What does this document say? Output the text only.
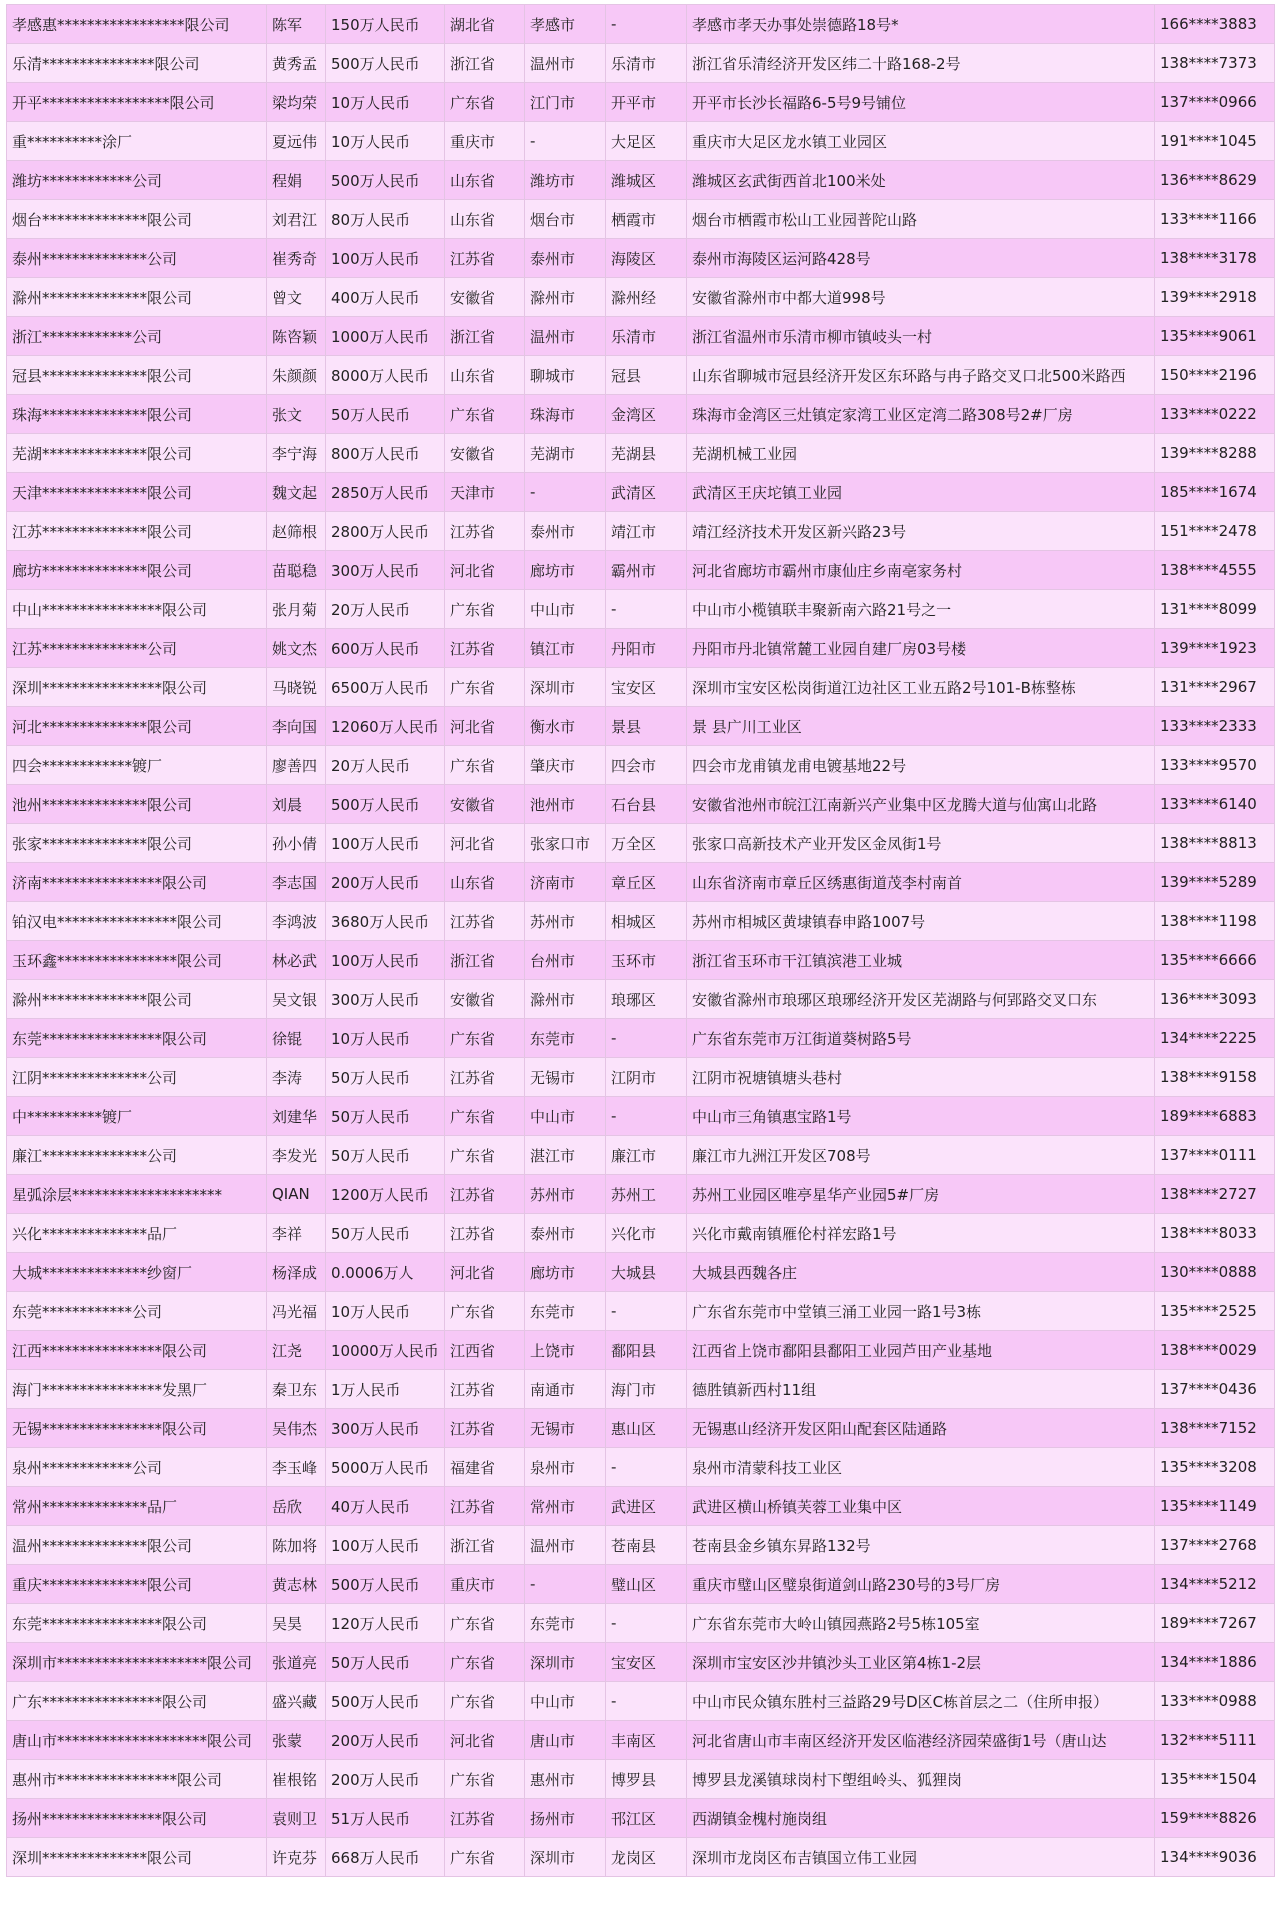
孝感惠*****************限公司	陈军	150万人民币	湖北省	孝感市	-	孝感市孝天办事处崇德路18号*	166****3883
乐清***************限公司	黄秀孟	500万人民币	浙江省	温州市	乐清市	浙江省乐清经济开发区纬二十路168-2号	138****7373
开平*****************限公司	梁均荣	10万人民币	广东省	江门市	开平市	开平市长沙长福路6-5号9号铺位	137****0966
重**********涂厂	夏远伟	10万人民币	重庆市	-	大足区	重庆市大足区龙水镇工业园区	191****1045
潍坊************公司	程娟	500万人民币	山东省	潍坊市	潍城区	潍城区玄武街西首北100米处	136****8629
烟台**************限公司	刘君江	80万人民币	山东省	烟台市	栖霞市	烟台市栖霞市松山工业园普陀山路	133****1166
泰州**************公司	崔秀奇	100万人民币	江苏省	泰州市	海陵区	泰州市海陵区运河路428号	138****3178
滁州**************限公司	曾文	400万人民币	安徽省	滁州市	滁州经	安徽省滁州市中都大道998号	139****2918
浙江************公司	陈咨颖	1000万人民币	浙江省	温州市	乐清市	浙江省温州市乐清市柳市镇岐头一村	135****9061
冠县**************限公司	朱颜颜	8000万人民币	山东省	聊城市	冠县	山东省聊城市冠县经济开发区东环路与冉子路交叉口北500米路西	150****2196
珠海**************限公司	张文	50万人民币	广东省	珠海市	金湾区	珠海市金湾区三灶镇定家湾工业区定湾二路308号2#厂房	133****0222
芜湖**************限公司	李宁海	800万人民币	安徽省	芜湖市	芜湖县	芜湖机械工业园	139****8288
天津**************限公司	魏文起	2850万人民币	天津市	-	武清区	武清区王庆坨镇工业园	185****1674
江苏**************限公司	赵筛根	2800万人民币	江苏省	泰州市	靖江市	靖江经济技术开发区新兴路23号	151****2478
廊坊**************限公司	苗聪稳	300万人民币	河北省	廊坊市	霸州市	河北省廊坊市霸州市康仙庄乡南亳家务村	138****4555
中山****************限公司	张月菊	20万人民币	广东省	中山市	-	中山市小榄镇联丰聚新南六路21号之一	131****8099
江苏**************公司	姚文杰	600万人民币	江苏省	镇江市	丹阳市	丹阳市丹北镇常麓工业园自建厂房03号楼	139****1923
深圳****************限公司	马晓锐	6500万人民币	广东省	深圳市	宝安区	深圳市宝安区松岗街道江边社区工业五路2号101-B栋整栋	131****2967
河北**************限公司	李向国	12060万人民币	河北省	衡水市	景县	景 县广川工业区	133****2333
四会************镀厂	廖善四	20万人民币	广东省	肇庆市	四会市	四会市龙甫镇龙甫电镀基地22号	133****9570
池州**************限公司	刘晨	500万人民币	安徽省	池州市	石台县	安徽省池州市皖江江南新兴产业集中区龙腾大道与仙寓山北路	133****6140
张家**************限公司	孙小倩	100万人民币	河北省	张家口市	万全区	张家口高新技术产业开发区金凤街1号	138****8813
济南****************限公司	李志国	200万人民币	山东省	济南市	章丘区	山东省济南市章丘区绣惠街道茂李村南首	139****5289
铂汉电****************限公司	李鸿波	3680万人民币	江苏省	苏州市	相城区	苏州市相城区黄埭镇春申路1007号	138****1198
玉环鑫****************限公司	林必武	100万人民币	浙江省	台州市	玉环市	浙江省玉环市干江镇滨港工业城	135****6666
滁州**************限公司	吴文银	300万人民币	安徽省	滁州市	琅琊区	安徽省滁州市琅琊区琅琊经济开发区芜湖路与何郢路交叉口东	136****3093
东莞****************限公司	徐锟	10万人民币	广东省	东莞市	-	广东省东莞市万江街道葵树路5号	134****2225
江阴**************公司	李涛	50万人民币	江苏省	无锡市	江阴市	江阴市祝塘镇塘头巷村	138****9158
中**********镀厂	刘建华	50万人民币	广东省	中山市	-	中山市三角镇惠宝路1号	189****6883
廉江**************公司	李发光	50万人民币	广东省	湛江市	廉江市	廉江市九洲江开发区708号	137****0111
星弧涂层********************	QIAN	1200万人民币	江苏省	苏州市	苏州工	苏州工业园区唯亭星华产业园5#厂房	138****2727
兴化**************品厂	李祥	50万人民币	江苏省	泰州市	兴化市	兴化市戴南镇雁伦村祥宏路1号	138****8033
大城**************纱窗厂	杨泽成	0.0006万人	河北省	廊坊市	大城县	大城县西魏各庄	130****0888
东莞************公司	冯光福	10万人民币	广东省	东莞市	-	广东省东莞市中堂镇三涌工业园一路1号3栋	135****2525
江西****************限公司	江尧	10000万人民币	江西省	上饶市	鄱阳县	江西省上饶市鄱阳县鄱阳工业园芦田产业基地	138****0029
海门****************发黑厂	秦卫东	1万人民币	江苏省	南通市	海门市	德胜镇新西村11组	137****0436
无锡****************限公司	吴伟杰	300万人民币	江苏省	无锡市	惠山区	无锡惠山经济开发区阳山配套区陆通路	138****7152
泉州************公司	李玉峰	5000万人民币	福建省	泉州市	-	泉州市清蒙科技工业区	135****3208
常州**************品厂	岳欣	40万人民币	江苏省	常州市	武进区	武进区横山桥镇芙蓉工业集中区	135****1149
温州**************限公司	陈加将	100万人民币	浙江省	温州市	苍南县	苍南县金乡镇东昇路132号	137****2768
重庆**************限公司	黄志林	500万人民币	重庆市	-	璧山区	重庆市璧山区璧泉街道剑山路230号的3号厂房	134****5212
东莞****************限公司	吴昊	120万人民币	广东省	东莞市	-	广东省东莞市大岭山镇园燕路2号5栋105室	189****7267
深圳市********************限公司	张道亮	50万人民币	广东省	深圳市	宝安区	深圳市宝安区沙井镇沙头工业区第4栋1-2层	134****1886
广东****************限公司	盛兴藏	500万人民币	广东省	中山市	-	中山市民众镇东胜村三益路29号D区C栋首层之二（住所申报）	133****0988
唐山市********************限公司	张蒙	200万人民币	河北省	唐山市	丰南区	河北省唐山市丰南区经济开发区临港经济园荣盛街1号（唐山达	132****5111
惠州市****************限公司	崔根铭	200万人民币	广东省	惠州市	博罗县	博罗县龙溪镇球岗村下塱组岭头、狐狸岗	135****1504
扬州****************限公司	袁则卫	51万人民币	江苏省	扬州市	邗江区	西湖镇金槐村施岗组	159****8826
深圳**************限公司	许克芬	668万人民币	广东省	深圳市	龙岗区	深圳市龙岗区布吉镇国立伟工业园	134****9036
